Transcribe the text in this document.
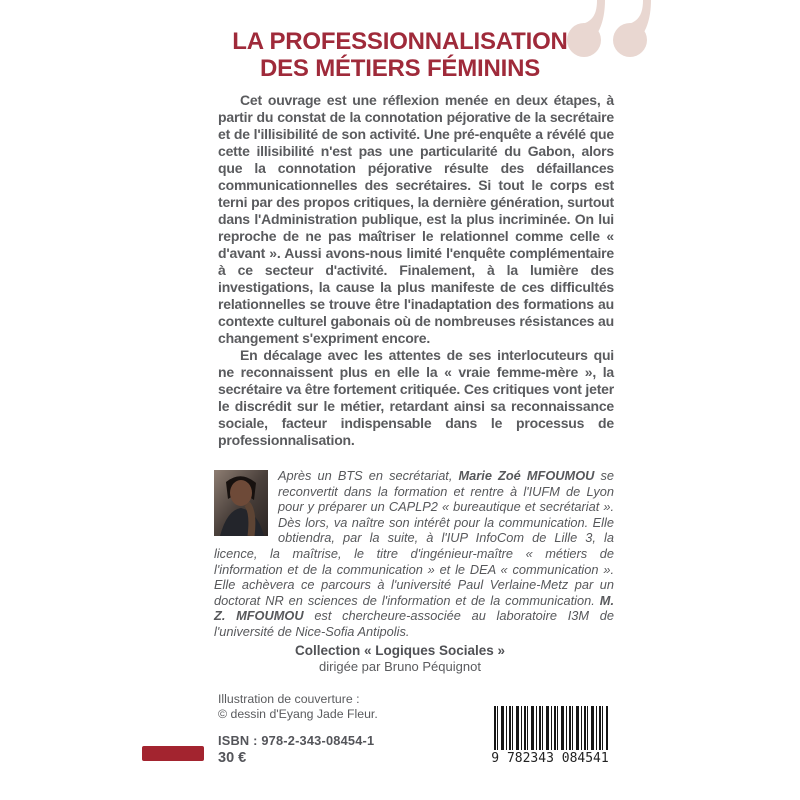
LA PROFESSIONNALISATION
DES MÉTIERS FÉMININS

Cet ouvrage est une réflexion menée en deux étapes, à partir du constat de la connotation péjorative de la secrétaire et de l'illisibilité de son activité. Une pré-enquête a révélé que cette illisibilité n'est pas une particularité du Gabon, alors que la connotation péjorative résulte des défaillances communicationnelles des secrétaires. Si tout le corps est terni par des propos critiques, la dernière génération, surtout dans l'Administration publique, est la plus incriminée. On lui reproche de ne pas maîtriser le relationnel comme celle « d'avant ». Aussi avons-nous limité l'enquête complémentaire à ce secteur d'activité. Finalement, à la lumière des investigations, la cause la plus manifeste de ces difficultés relationnelles se trouve être l'inadaptation des formations au contexte culturel gabonais où de nombreuses résistances au changement s'expriment encore.

En décalage avec les attentes de ses interlocuteurs qui ne reconnaissent plus en elle la « vraie femme-mère », la secrétaire va être fortement critiquée. Ces critiques vont jeter le discrédit sur le métier, retardant ainsi sa reconnaissance sociale, facteur indispensable dans le processus de professionnalisation.

Après un BTS en secrétariat, Marie Zoé MFOUMOU se reconvertit dans la formation et rentre à l'IUFM de Lyon pour y préparer un CAPLP2 « bureautique et secrétariat ». Dès lors, va naître son intérêt pour la communication. Elle obtiendra, par la suite, à l'IUP InfoCom de Lille 3, la licence, la maîtrise, le titre d'ingénieur-maître « métiers de l'information et de la communication » et le DEA « communication ». Elle achèvera ce parcours à l'université Paul Verlaine-Metz par un doctorat NR en sciences de l'information et de la communication. M. Z. MFOUMOU est chercheure-associée au laboratoire I3M de l'université de Nice-Sofia Antipolis.
Collection « Logiques Sociales »
dirigée par Bruno Péquignot
Illustration de couverture :
© dessin d'Eyang Jade Fleur.
ISBN : 978-2-343-08454-1
30 €	9 782343 084541
